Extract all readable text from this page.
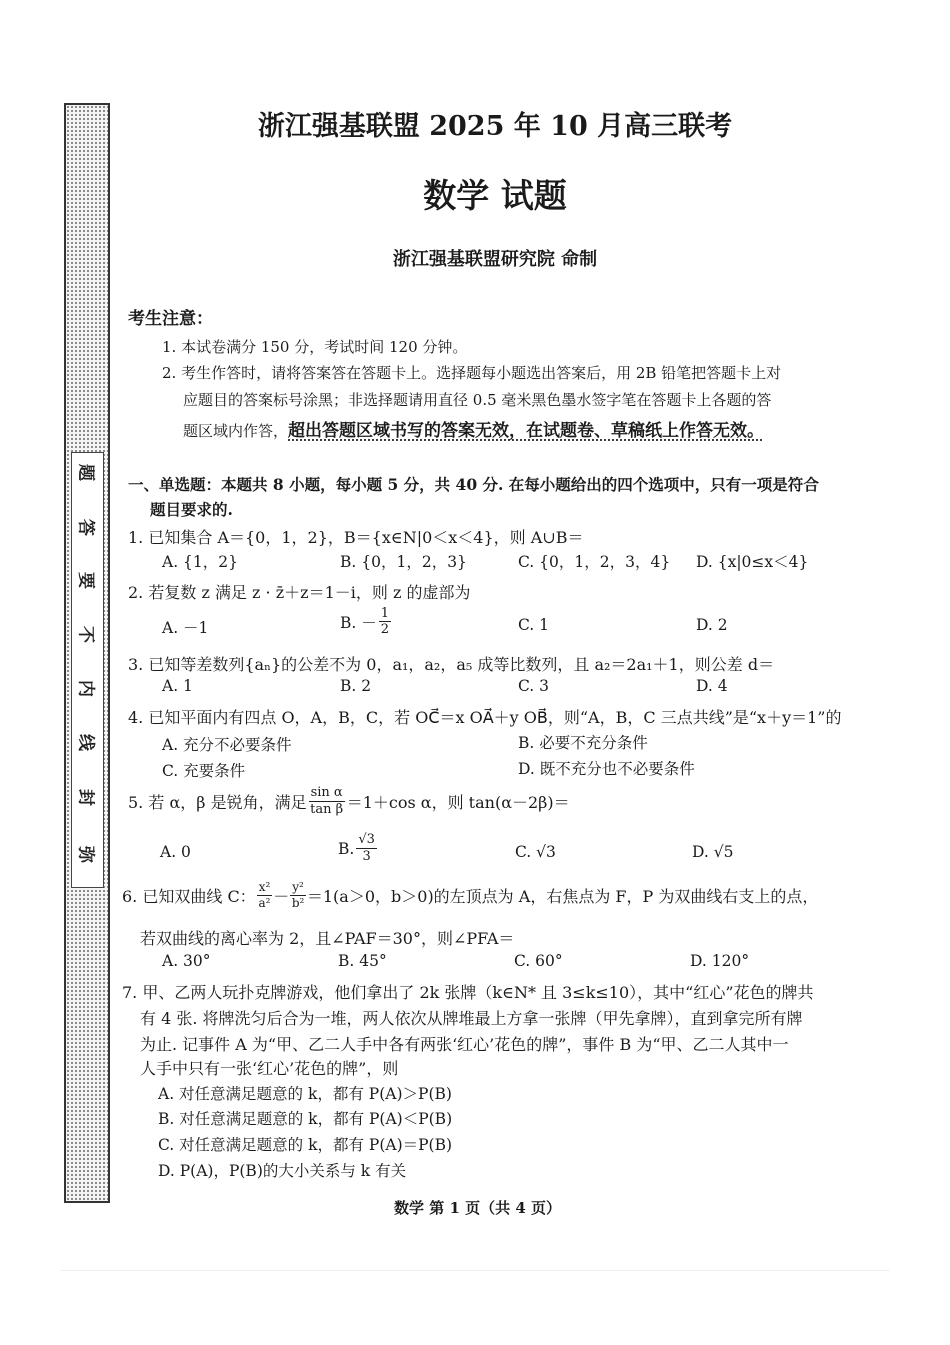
弥
封
线
内
不
要
答
题
浙江强基联盟 2025 年 10 月高三联考
数学 试题
浙江强基联盟研究院 命制
考生注意：
1. 本试卷满分 150 分，考试时间 120 分钟。
2. 考生作答时，请将答案答在答题卡上。选择题每小题选出答案后，用 2B 铅笔把答题卡上对
应题目的答案标号涂黑；非选择题请用直径 0.5 毫米黑色墨水签字笔在答题卡上各题的答
题区域内作答，超出答题区域书写的答案无效，在试题卷、草稿纸上作答无效。
一、单选题：本题共 8 小题，每小题 5 分，共 40 分. 在每小题给出的四个选项中，只有一项是符合
题目要求的.
1. 已知集合 A＝{0，1，2}，B＝{x∈N|0＜x＜4}，则 A∪B＝
A. {1，2}	B. {0，1，2，3}	C. {0，1，2，3，4} D. {x|0≤x＜4}
2. 若复数 z 满足 z · z̄＋z＝1－i，则 z 的虚部为
A. －1	B. － $\frac{1}{2}$	C. 1	D. 2
3. 已知等差数列{aₙ}的公差不为 0，a₁，a₂，a₅ 成等比数列，且 a₂＝2a₁＋1，则公差 d＝
A. 1	B. 2	C. 3	D. 4
4. 已知平面内有四点 O，A，B，C，若 OC⃗＝x OA⃗＋y OB⃗，则“A，B，C 三点共线”是“x＋y＝1”的
A. 充分不必要条件	B. 必要不充分条件
C. 充要条件	D. 既不充分也不必要条件
5. 若 α，β 是锐角，满足 $\frac{\text{sin α}}{\text{tan β}} =1+\cos$ α，则 tan(α－2β)＝
A. 0	B. $\frac{√3}{3}$	C. √3	D. √5
6. 已知双曲线 C： $\frac{\text{x²}}{\text{a²}} - \frac{\text{y²}}{\text{b²}} =1(a>0$，b＞0)的左顶点为 A，右焦点为 F，P 为双曲线右支上的点，
若双曲线的离心率为 2，且∠PAF＝30°，则∠PFA＝
A. 30°	B. 45°	C. 60°	D. 120°
7. 甲、乙两人玩扑克牌游戏，他们拿出了 2k 张牌（k∈N* 且 3≤k≤10），其中“红心”花色的牌共
有 4 张. 将牌洗匀后合为一堆，两人依次从牌堆最上方拿一张牌（甲先拿牌），直到拿完所有牌
为止. 记事件 A 为“甲、乙二人手中各有两张‘红心’花色的牌”，事件 B 为“甲、乙二人其中一
人手中只有一张‘红心’花色的牌”，则
A. 对任意满足题意的 k，都有 P(A)＞P(B)
B. 对任意满足题意的 k，都有 P(A)＜P(B)
C. 对任意满足题意的 k，都有 P(A)＝P(B)
D. P(A)，P(B)的大小关系与 k 有关
数学 第 1 页（共 4 页）
